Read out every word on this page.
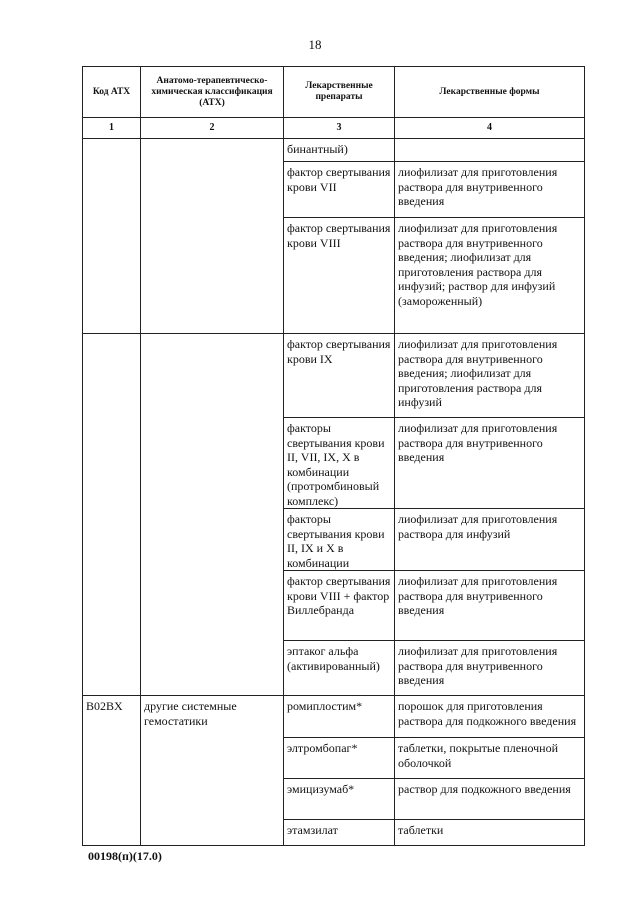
18
Код АТХ	Анатомо-терапевтическо-химическая классификация (АТХ)	Лекарственные препараты	Лекарственные формы
1	2	3	4
		бинантный)	
		фактор свертывания крови VII	лиофилизат для приготовления раствора для внутривенного введения
		фактор свертывания крови VIII	лиофилизат для приготовления раствора для внутривенного введения; лиофилизат для приготовления раствора для инфузий; раствор для инфузий (замороженный)
		фактор свертывания крови IX	лиофилизат для приготовления раствора для внутривенного введения; лиофилизат для приготовления раствора для инфузий
		факторы свертывания крови II, VII, IX, X в комбинации (протромбиновый комплекс)	лиофилизат для приготовления раствора для внутривенного введения
		факторы свертывания крови II, IX и X в комбинации	лиофилизат для приготовления раствора для инфузий
		фактор свертывания крови VIII + фактор Виллебранда	лиофилизат для приготовления раствора для внутривенного введения
		эптаког альфа (активированный)	лиофилизат для приготовления раствора для внутривенного введения
B02BX	другие системные гемостатики	ромиплостим*	порошок для приготовления раствора для подкожного введения
		элтромбопаг*	таблетки, покрытые пленочной оболочкой
		эмицизумаб*	раствор для подкожного введения
		этамзилат	таблетки
00198(п)(17.0)
